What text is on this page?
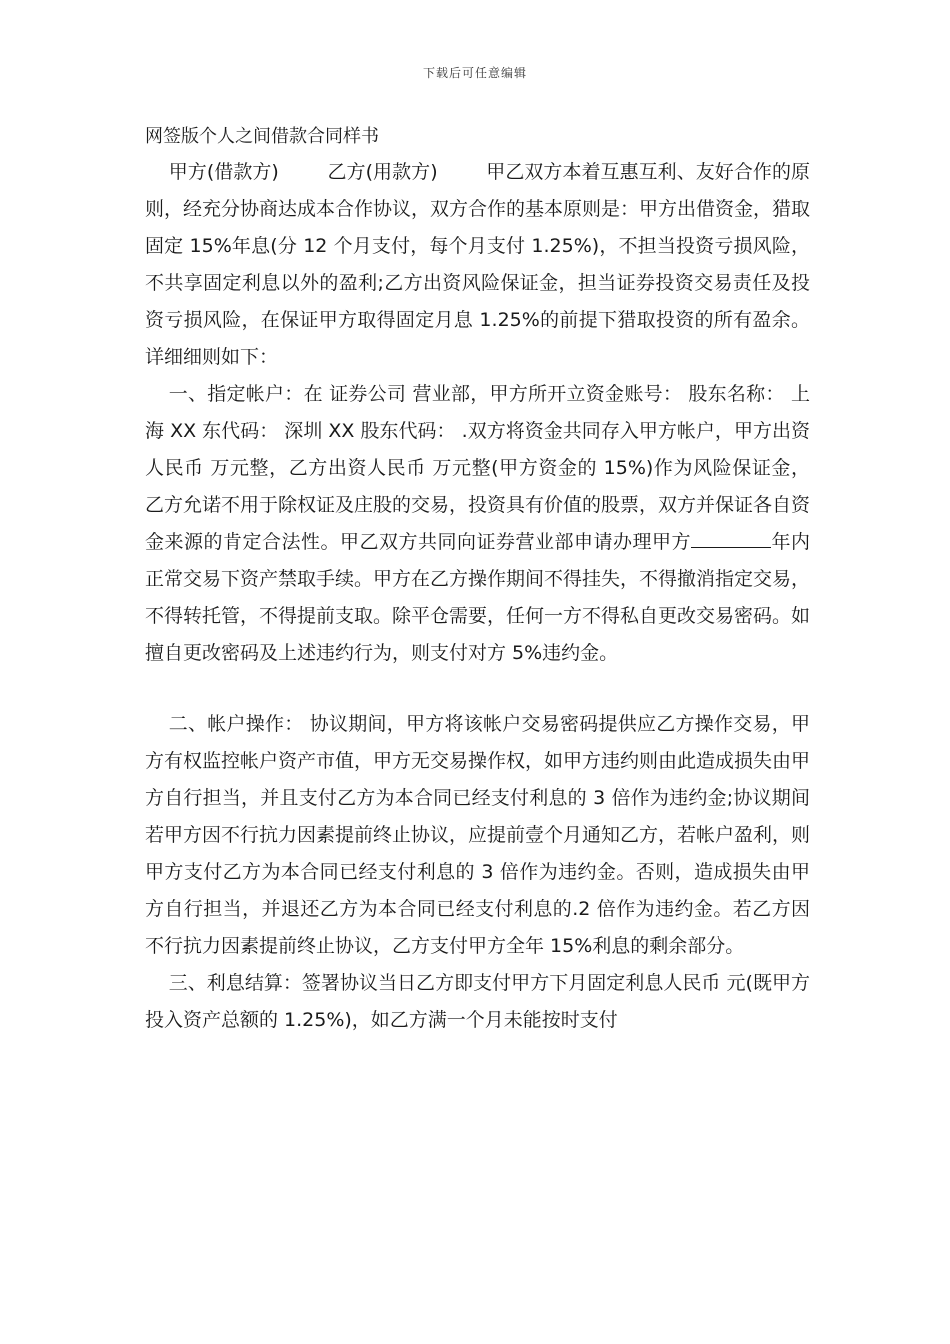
下载后可任意编辑
网签版个人之间借款合同样书

甲方(借款方)        乙方(用款方)        甲乙双方本着互惠互利、友好合作的原则，经充分协商达成本合作协议，双方合作的基本原则是：甲方出借资金，猎取固定 15%年息(分 12 个月支付，每个月支付 1.25%)，不担当投资亏损风险，不共享固定利息以外的盈利;乙方出资风险保证金，担当证券投资交易责任及投资亏损风险，在保证甲方取得固定月息 1.25%的前提下猎取投资的所有盈余。详细细则如下：

一、指定帐户：在 证券公司 营业部，甲方所开立资金账号： 股东名称： 上海 XX 东代码： 深圳 XX 股东代码： .双方将资金共同存入甲方帐户，甲方出资人民币 万元整，乙方出资人民币 万元整(甲方资金的 15%)作为风险保证金， 乙方允诺不用于除权证及庄股的交易，投资具有价值的股票，双方并保证各自资金来源的肯定合法性。甲乙双方共同向证券营业部申请办理甲方	年内正常交易下资产禁取手续。甲方在乙方操作期间不得挂失，不得撤消指定交易，不得转托管，不得提前支取。除平仓需要，任何一方不得私自更改交易密码。如擅自更改密码及上述违约行为，则支付对方 5%违约金。

二、帐户操作： 协议期间，甲方将该帐户交易密码提供应乙方操作交易，甲方有权监控帐户资产市值，甲方无交易操作权，如甲方违约则由此造成损失由甲方自行担当，并且支付乙方为本合同已经支付利息的 3 倍作为违约金;协议期间若甲方因不行抗力因素提前终止协议，应提前壹个月通知乙方，若帐户盈利，则甲方支付乙方为本合同已经支付利息的 3 倍作为违约金。否则，造成损失由甲方自行担当，并退还乙方为本合同已经支付利息的.2 倍作为违约金。若乙方因不行抗力因素提前终止协议，乙方支付甲方全年 15%利息的剩余部分。

三、利息结算：签署协议当日乙方即支付甲方下月固定利息人民币 元(既甲方投入资产总额的 1.25%)，如乙方满一个月未能按时支付
